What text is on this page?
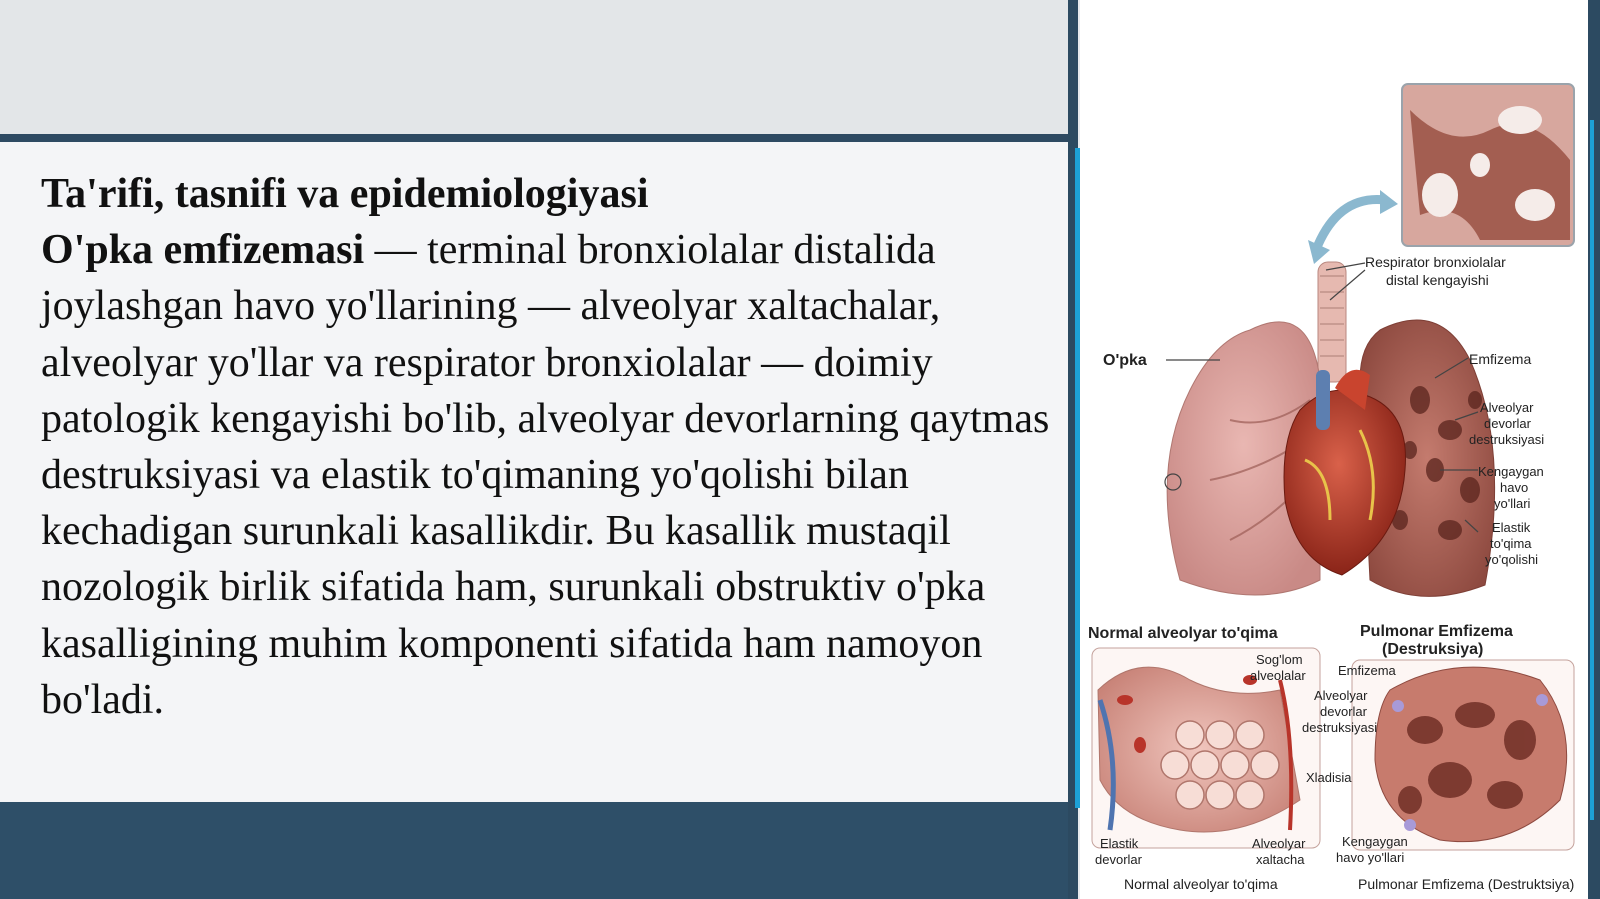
Ta'rifi, tasnifi va epidemiologiyasi
O'pka emfizemasi — terminal bronxiolalar distalida joylashgan havo yo'llarining — alveolyar xaltachalar, alveolyar yo'llar va respirator bronxiolalar — doimiy patologik kengayishi bo'lib, alveolyar devorlarning qaytmas destruksiyasi va elastik to'qimaning yo'qolishi bilan kechadigan surunkali kasallikdir. Bu kasallik mustaqil nozologik birlik sifatida ham, surunkali obstruktiv o'pka kasalligining muhim komponenti sifatida ham namoyon bo'ladi.
Respirator bronxiolalar
distal kengayishi
O'pka	Emfizema
Alveolyar
devorlar
destruksiyasi
Kengaygan
havo
yo'llari
Elastik
to'qima
yo'qolishi
Normal alveolyar to'qima	Pulmonar Emfizema
(Destruksiya)
Sog'lom
alveolalar
Xladisia
Elastik
devorlar
Alveolyar
xaltacha
Emfizema
Alveolyar
devorlar
destruksiyasi
Kengaygan
havo yo'llari
Normal alveolyar to'qima	Pulmonar Emfizema (Destruktsiya)
